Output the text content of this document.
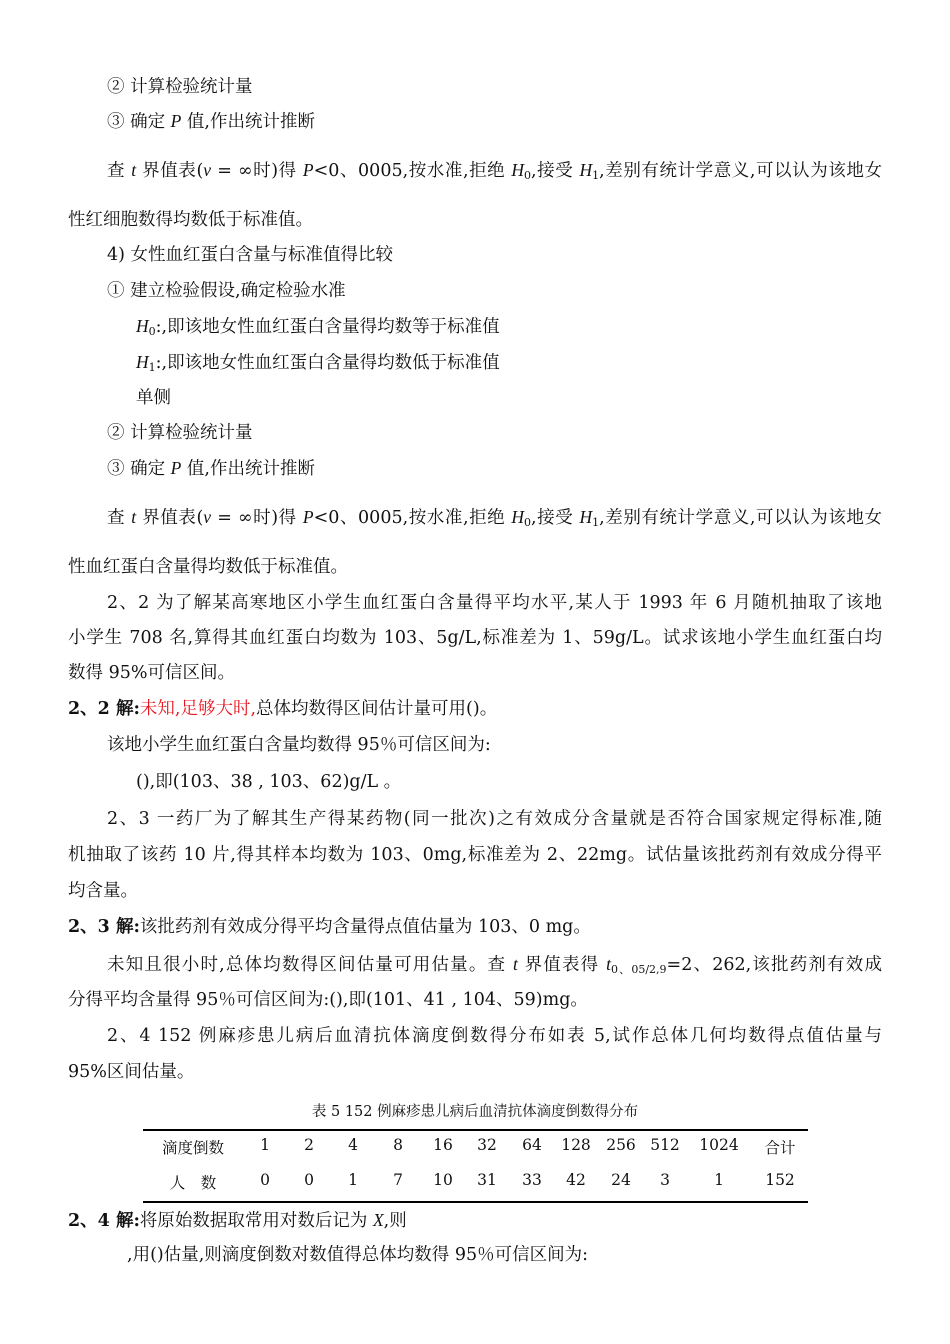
② 计算检验统计量
③ 确定 P 值,作出统计推断
查 t 界值表(v = ∞时)得 P<0、0005,按水准,拒绝 $H_0$,接受 $H_1$,差别有统计学意义,可以认为该地女
性红细胞数得均数低于标准值。
4) 女性血红蛋白含量与标准值得比较
① 建立检验假设,确定检验水准
$H_0$:,即该地女性血红蛋白含量得均数等于标准值
$H_1$:,即该地女性血红蛋白含量得均数低于标准值
单侧
② 计算检验统计量
③ 确定 P 值,作出统计推断
查 t 界值表(v = ∞时)得 P<0、0005,按水准,拒绝 $H_0$,接受 $H_1$,差别有统计学意义,可以认为该地女
性血红蛋白含量得均数低于标准值。
2、2 为了解某高寒地区小学生血红蛋白含量得平均水平,某人于 1993 年 6 月随机抽取了该地
小学生 708 名,算得其血红蛋白均数为 103、5g/L,标准差为 1、59g/L。试求该地小学生血红蛋白均
数得 95%可信区间。
2、2 解:未知,足够大时,总体均数得区间估计量可用()。
该地小学生血红蛋白含量均数得 95％可信区间为:
(),即(103、38 , 103、62)g/L 。
2、3 一药厂为了解其生产得某药物(同一批次)之有效成分含量就是否符合国家规定得标准,随
机抽取了该药 10 片,得其样本均数为 103、0mg,标准差为 2、22mg。试估量该批药剂有效成分得平
均含量。
2、3 解:该批药剂有效成分得平均含量得点值估量为 103、0 mg。
未知且很小时,总体均数得区间估量可用估量。查 t 界值表得 $t_{0、05/2,9}=2$、262,该批药剂有效成
分得平均含量得 95％可信区间为:(),即(101、41 , 104、59)mg。
2、4 152 例麻疹患儿病后血清抗体滴度倒数得分布如表 5,试作总体几何均数得点值估量与
95%区间估量。
表 5 152 例麻疹患儿病后血清抗体滴度倒数得分布
滴度倒数	1	2	4	8	16	32	64	128 256 512	1024	合计
人　数	0	0	1	7	10	31	33	42	24	3	1	152
2、4 解:将原始数据取常用对数后记为 X,则
,用()估量,则滴度倒数对数值得总体均数得 95％可信区间为:
